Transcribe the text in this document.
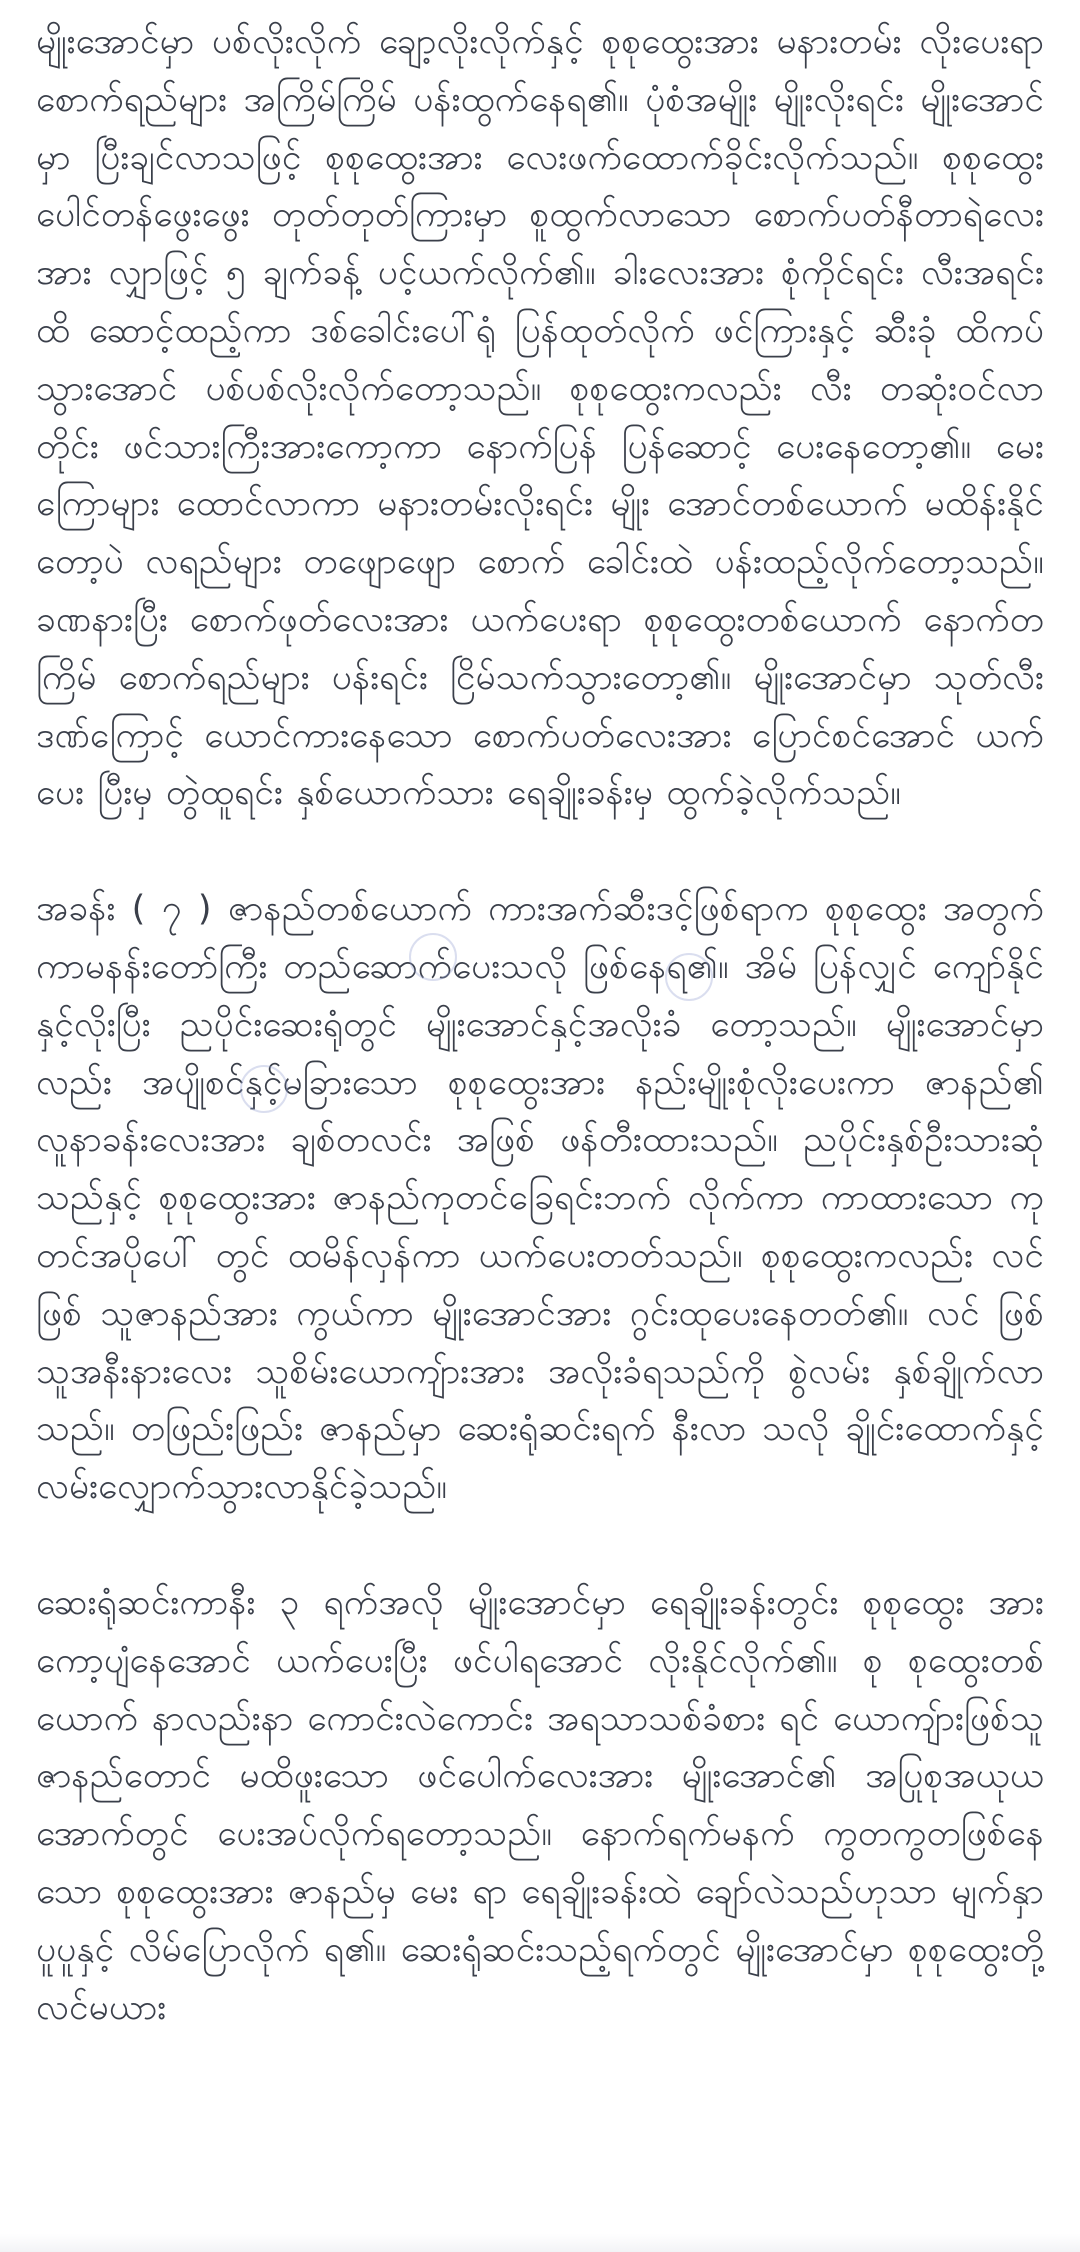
မျိုးအောင်မှာ ပစ်လိုးလိုက် ချော့လိုးလိုက်နှင့် စုစုထွေးအား မနားတမ်း လိုးပေးရာ စောက်ရည်များ အကြိမ်ကြိမ် ပန်းထွက်နေရ၏။ ပုံစံအမျိုး မျိုးလိုးရင်း မျိုးအောင်မှာ ပြီးချင်လာသဖြင့် စုစုထွေးအား လေးဖက်ထောက်ခိုင်းလိုက်သည်။ စုစုထွေး ပေါင်တန်ဖွေးဖွေး တုတ်တုတ်ကြားမှာ စူထွက်လာသော စောက်ပတ်နီတာရဲလေးအား လျှာဖြင့် ၅ ချက်ခန့် ပင့်ယက်လိုက်၏။ ခါးလေးအား စုံကိုင်ရင်း လီးအရင်းထိ ဆောင့်ထည့်ကာ ဒစ်ခေါင်းပေါ်ရုံ ပြန်ထုတ်လိုက် ဖင်ကြားနှင့် ဆီးခုံ ထိကပ်သွားအောင် ပစ်ပစ်လိုးလိုက်တော့သည်။ စုစုထွေးကလည်း လီး တဆုံးဝင်လာတိုင်း ဖင်သားကြီးအားကော့ကာ နောက်ပြန် ပြန်ဆောင့် ပေးနေတော့၏။ မေးကြောများ ထောင်လာကာ မနားတမ်းလိုးရင်း မျိုး အောင်တစ်ယောက် မထိန်းနိုင်တော့ပဲ လရည်များ တဖျောဖျော စောက် ခေါင်းထဲ ပန်းထည့်လိုက်တော့သည်။ ခဏနားပြီး စောက်ဖုတ်လေးအား ယက်ပေးရာ စုစုထွေးတစ်ယောက် နောက်တကြိမ် စောက်ရည်များ ပန်းရင်း ငြိမ်သက်သွားတော့၏။ မျိုးအောင်မှာ သုတ်လီးဒဏ်ကြောင့် ယောင်ကားနေသော စောက်ပတ်လေးအား ပြောင်စင်အောင် ယက်ပေး ပြီးမှ တွဲထူရင်း နှစ်ယောက်သား ရေချိုးခန်းမှ ထွက်ခဲ့လိုက်သည်။

အခန်း ( ၇ ) ဇာနည်တစ်ယောက် ကားအက်ဆီးဒင့်ဖြစ်ရာက စုစုထွေး အတွက် ကာမနန်းတော်ကြီး တည်ဆောက်ပေးသလို ဖြစ်နေရ၏။ အိမ် ပြန်လျှင် ကျော်နိုင်နှင့်လိုးပြီး ညပိုင်းဆေးရုံတွင် မျိုးအောင်နှင့်အလိုးခံ တော့သည်။ မျိုးအောင်မှာလည်း အပျိုစင်နှင့်မခြားသော စုစုထွေးအား နည်းမျိုးစုံလိုးပေးကာ ဇာနည်၏ လူနာခန်းလေးအား ချစ်တလင်း အဖြစ် ဖန်တီးထားသည်။ ညပိုင်းနှစ်ဦးသားဆုံသည်နှင့် စုစုထွေးအား ဇာနည်ကုတင်ခြေရင်းဘက် လိုက်ကာ ကာထားသော ကုတင်အပိုပေါ် တွင် ထမိန်လှန်ကာ ယက်ပေးတတ်သည်။ စုစုထွေးကလည်း လင်ဖြစ် သူဇာနည်အား ကွယ်ကာ မျိုးအောင်အား ဂွင်းထုပေးနေတတ်၏။ လင် ဖြစ်သူအနီးနားလေး သူစိမ်းယောကျ်ားအား အလိုးခံရသည်ကို စွဲလမ်း နှစ်ချိုက်လာသည်။ တဖြည်းဖြည်း ဇာနည်မှာ ဆေးရုံဆင်းရက် နီးလာ သလို ချိုင်းထောက်နှင့် လမ်းလျှောက်သွားလာနိုင်ခဲ့သည်။

ဆေးရုံဆင်းကာနီး ၃ ရက်အလို မျိုးအောင်မှာ ရေချိုးခန်းတွင်း စုစုထွေး အား ကော့ပျံနေအောင် ယက်ပေးပြီး ဖင်ပါရအောင် လိုးနိုင်လိုက်၏။ စု စုထွေးတစ်ယောက် နာလည်းနာ ကောင်းလဲကောင်း အရသာသစ်ခံစား ရင် ယောကျ်ားဖြစ်သူ ဇာနည်တောင် မထိဖူးသော ဖင်ပေါက်လေးအား မျိုးအောင်၏ အပြုစုအယုယအောက်တွင် ပေးအပ်လိုက်ရတော့သည်။ နောက်ရက်မနက် ကွတကွတဖြစ်နေသော စုစုထွေးအား ဇာနည်မှ မေး ရာ ရေချိုးခန်းထဲ ချော်လဲသည်ဟုသာ မျက်နှာပူပူနှင့် လိမ်ပြောလိုက် ရ၏။ ဆေးရုံဆင်းသည့်ရက်တွင် မျိုးအောင်မှာ စုစုထွေးတို့ လင်မယား
